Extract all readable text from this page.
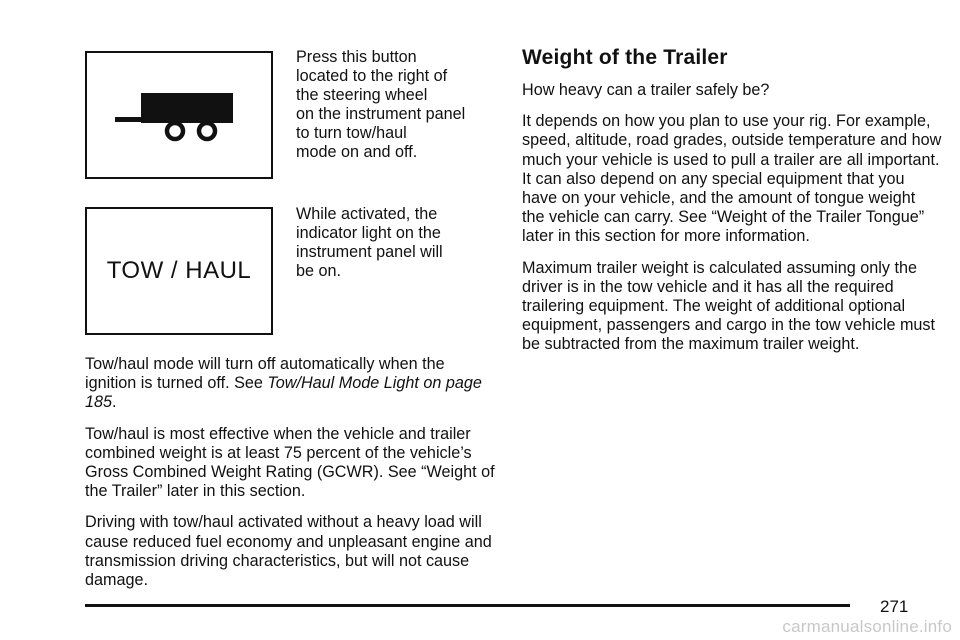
Press this button
located to the right of
the steering wheel
on the instrument panel
to turn tow/haul
mode on and off.
TOW / HAUL
While activated, the
indicator light on the
instrument panel will
be on.

Tow/haul mode will turn off automatically when the ignition is turned off. See Tow/Haul Mode Light on page 185.

Tow/haul is most effective when the vehicle and trailer combined weight is at least 75 percent of the vehicle’s Gross Combined Weight Rating (GCWR). See “Weight of the Trailer” later in this section.

Driving with tow/haul activated without a heavy load will cause reduced fuel economy and unpleasant engine and transmission driving characteristics, but will not cause damage.

Weight of the Trailer

How heavy can a trailer safely be?

It depends on how you plan to use your rig. For example, speed, altitude, road grades, outside temperature and how much your vehicle is used to pull a trailer are all important. It can also depend on any special equipment that you have on your vehicle, and the amount of tongue weight the vehicle can carry. See “Weight of the Trailer Tongue” later in this section for more information.

Maximum trailer weight is calculated assuming only the driver is in the tow vehicle and it has all the required trailering equipment. The weight of additional optional equipment, passengers and cargo in the tow vehicle must be subtracted from the maximum trailer weight.

271
carmanualsonline.info
